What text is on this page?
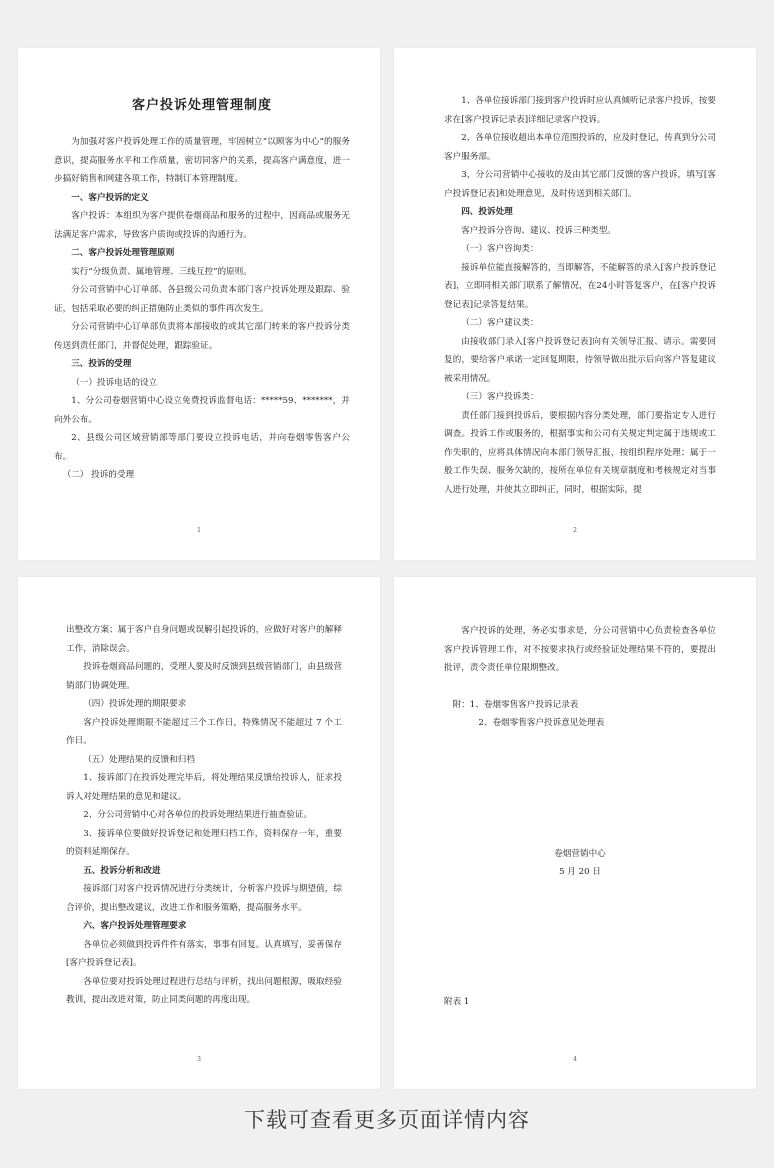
客户投诉处理管理制度

为加强对客户投诉处理工作的质量管理，牢固树立“以顾客为中心”的服务意识，提高服务水平和工作质量，密切同客户的关系，提高客户满意度，进一步搞好销售和网建各项工作，特制订本管理制度。

一、客户投诉的定义

客户投诉：本组织为客户提供卷烟商品和服务的过程中，因商品或服务无法满足客户需求，导致客户质询或投诉的沟通行为。

二、客户投诉处理管理原则

实行“分级负责、属地管理、三线互控”的原则。

分公司营销中心订单部、各县级公司负责本部门客户投诉处理及跟踪、验证，包括采取必要的纠正措施防止类似的事件再次发生。

分公司营销中心订单部负责将本部接收的或其它部门转来的客户投诉分类传送到责任部门，并督促处理，跟踪验证。

三、投诉的受理

（一）投诉电话的设立

1、分公司卷烟营销中心设立免费投诉监督电话：*****59、*******，并向外公布。

2、县级公司区域营销部等部门要设立投诉电话，并向卷烟零售客户公布。

（二） 投诉的受理

1

1、各单位接诉部门接到客户投诉时应认真倾听记录客户投诉，按要求在[客户投诉记录表]详细记录客户投诉。

2、各单位接收超出本单位范围投诉的，应及时登记，传真到分公司客户服务部。

3，分公司营销中心接收的及由其它部门反馈的客户投诉，填写[客户投诉登记表]和处理意见，及时传送到相关部门。

四、投诉处理

客户投诉分咨询、建议、投诉三种类型。

（一）客户咨询类：

接诉单位能直接解答的，当即解答，不能解答的录入[客户投诉登记表]，立即同相关部门联系了解情况，在24小时答复客户，在[客户投诉登记表]记录答复结果。

（二）客户建议类：

由接收部门录入[客户投诉登记表]向有关领导汇报、请示。需要回复的，要给客户承诺一定回复期限，待领导做出批示后向客户答复建议被采用情况。

（三）客户投诉类：

责任部门接到投诉后，要根据内容分类处理，部门要指定专人进行调查。投诉工作或服务的，根据事实和公司有关规定判定属于违规或工作失职的，应将具体情况向本部门领导汇报，按组织程序处理；属于一般工作失误、服务欠缺的，按所在单位有关规章制度和考核规定对当事人进行处理，并使其立即纠正，同时，根据实际，提

2

出整改方案；属于客户自身问题或误解引起投诉的，应做好对客户的解释工作，消除误会。

投诉卷烟商品问题的，受理人要及时反馈到县级营销部门，由县级营销部门协调处理。

（四）投诉处理的期限要求

客户投诉处理期限不能超过三个工作日，特殊情况不能超过 7 个工作日。

（五）处理结果的反馈和归档

1、接诉部门在投诉处理完毕后，将处理结果反馈给投诉人，征求投诉人对处理结果的意见和建议。

2、分公司营销中心对各单位的投诉处理结果进行抽查验证。

3、接诉单位要做好投诉登记和处理归档工作，资料保存一年，重要的资料延期保存。

五、投诉分析和改进

接诉部门对客户投诉情况进行分类统计，分析客户投诉与期望值，综合评价，提出整改建议，改进工作和服务策略，提高服务水平。

六、客户投诉处理管理要求

各单位必须做到投诉件件有落实，事事有回复。认真填写，妥善保存 [客户投诉登记表]。

各单位要对投诉处理过程进行总结与评析，找出问题根源，吸取经验教训，提出改进对策，防止同类问题的再度出现。

3

客户投诉的处理，务必实事求是，分公司营销中心负责检查各单位客户投诉管理工作，对不按要求执行或经验证处理结果不符的，要提出批评，责令责任单位限期整改。

附：1、卷烟零售客户投诉记录表

2、卷烟零售客户投诉意见处理表

卷烟营销中心
5 月 20 日

附表 1

4
下载可查看更多页面详情内容
